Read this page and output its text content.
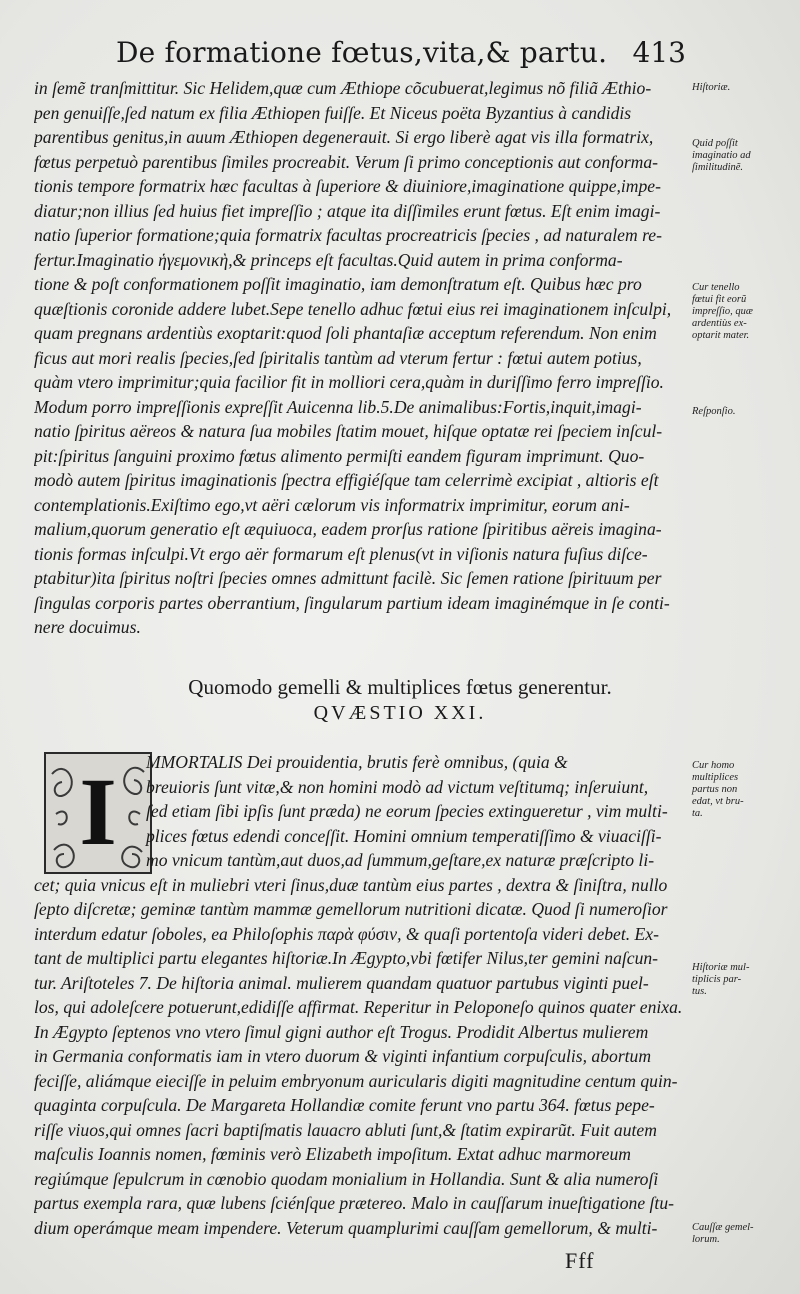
De formatione fœtus,vita,& partu. 413
in ſemẽ tranſmittitur. Sic Helidem,quæ cum Æthiope cõcubuerat,legimus nõ filiã Æthio-
pen genuiſſe,ſed natum ex filia Æthiopen fuiſſe. Et Niceus poëta Byzantius à candidis
parentibus genitus,in auum Æthiopen degenerauit. Si ergo liberè agat vis illa formatrix,
fœtus perpetuò parentibus ſimiles procreabit. Verum ſi primo conceptionis aut conforma-
tionis tempore formatrix hæc facultas à ſuperiore & diuiniore,imaginatione quippe,impe-
diatur;non illius ſed huius fiet impreſſio ; atque ita diſſimiles erunt fœtus. Eſt enim imagi-
natio ſuperior formatione;quia formatrix facultas procreatricis ſpecies , ad naturalem re-
fertur.Imaginatio ἡγεμονικὴ,& princeps eſt facultas.Quid autem in prima conforma-
tione & poſt conformationem poſſit imaginatio, iam demonſtratum eſt. Quibus hæc pro
quæſtionis coronide addere lubet.Sepe tenello adhuc fœtui eius rei imaginationem inſculpi,
quam pregnans ardentiùs exoptarit:quod ſoli phantaſiæ acceptum referendum. Non enim
ficus aut mori realis ſpecies,ſed ſpiritalis tantùm ad vterum fertur : fœtui autem potius,
quàm vtero imprimitur;quia facilior fit in molliori cera,quàm in duriſſimo ferro impreſſio.
Modum porro impreſſionis expreſſit Auicenna lib.5.De animalibus:Fortis,inquit,imagi-
natio ſpiritus aëreos & natura ſua mobiles ſtatim mouet, hiſque optatæ rei ſpeciem inſcul-
pit:ſpiritus ſanguini proximo fœtus alimento permiſti eandem figuram imprimunt. Quo-
modò autem ſpiritus imaginationis ſpectra effigiéſque tam celerrimè excipiat , altioris eſt
contemplationis.Exiſtimo ego,vt aëri cælorum vis informatrix imprimitur, eorum ani-
malium,quorum generatio eſt æquiuoca, eadem prorſus ratione ſpiritibus aëreis imagina-
tionis formas inſculpi.Vt ergo aër formarum eſt plenus(vt in viſionis natura fuſius diſce-
ptabitur)ita ſpiritus noſtri ſpecies omnes admittunt facilè. Sic ſemen ratione ſpirituum per
ſingulas corporis partes oberrantium, ſingularum partium ideam imaginémque in ſe conti-
nere docuimus.
Quomodo gemelli & multiplices fœtus generentur.
QVÆSTIO XXI.
I	MMORTALIS Dei prouidentia, brutis ferè omnibus, (quia &
breuioris ſunt vitæ,& non homini modò ad victum veſtitumq; inſeruiunt,
ſed etiam ſibi ipſis ſunt præda) ne eorum ſpecies extingueretur , vim multi-
plices fœtus edendi conceſſit. Homini omnium temperatiſſimo & viuaciſſi-
mo vnicum tantùm,aut duos,ad ſummum,geſtare,ex naturæ præſcripto li-
cet; quia vnicus eſt in muliebri vteri ſinus,duæ tantùm eius partes , dextra & ſiniſtra, nullo
ſepto diſcretæ; geminæ tantùm mammæ gemellorum nutritioni dicatæ. Quod ſi numeroſior
interdum edatur ſoboles, ea Philoſophis παρὰ φύσιν, & quaſi portentoſa videri debet. Ex-
tant de multiplici partu elegantes hiſtoriæ.In Ægypto,vbi fœtifer Nilus,ter gemini naſcun-
tur. Ariſtoteles 7. De hiſtoria animal. mulierem quandam quatuor partubus viginti puel-
los, qui adoleſcere potuerunt,edidiſſe affirmat. Reperitur in Peloponeſo quinos quater enixa.
In Ægypto ſeptenos vno vtero ſimul gigni author eſt Trogus. Prodidit Albertus mulierem
in Germania conformatis iam in vtero duorum & viginti infantium corpuſculis, abortum
feciſſe, aliámque eieciſſe in peluim embryonum auricularis digiti magnitudine centum quin-
quaginta corpuſcula. De Margareta Hollandiæ comite ferunt vno partu 364. fœtus pepe-
riſſe viuos,qui omnes ſacri baptiſmatis lauacro abluti ſunt,& ſtatim expirarũt. Fuit autem
maſculis Ioannis nomen, fœminis verò Elizabeth impoſitum. Extat adhuc marmoreum
regiúmque ſepulcrum in cœnobio quodam monialium in Hollandia. Sunt & alia numeroſi
partus exempla rara, quæ lubens ſciénſque prætereo. Malo in cauſſarum inueſtigatione ſtu-
dium operámque meam impendere. Veterum quamplurimi cauſſam gemellorum, & multi-
Hiſtoriæ.
Quid poſſit
imaginatio ad
ſimilitudinẽ.
Cur tenello
fœtui fit eorũ
impreſſio, quæ
ardentiùs ex-
optarit mater.
Reſponſio.
Cur homo
multiplices
partus non
edat, vt bru-
ta.
Hiſtoriæ mul-
tiplicis par-
tus.
Cauſſæ gemel-
lorum.
Fff
